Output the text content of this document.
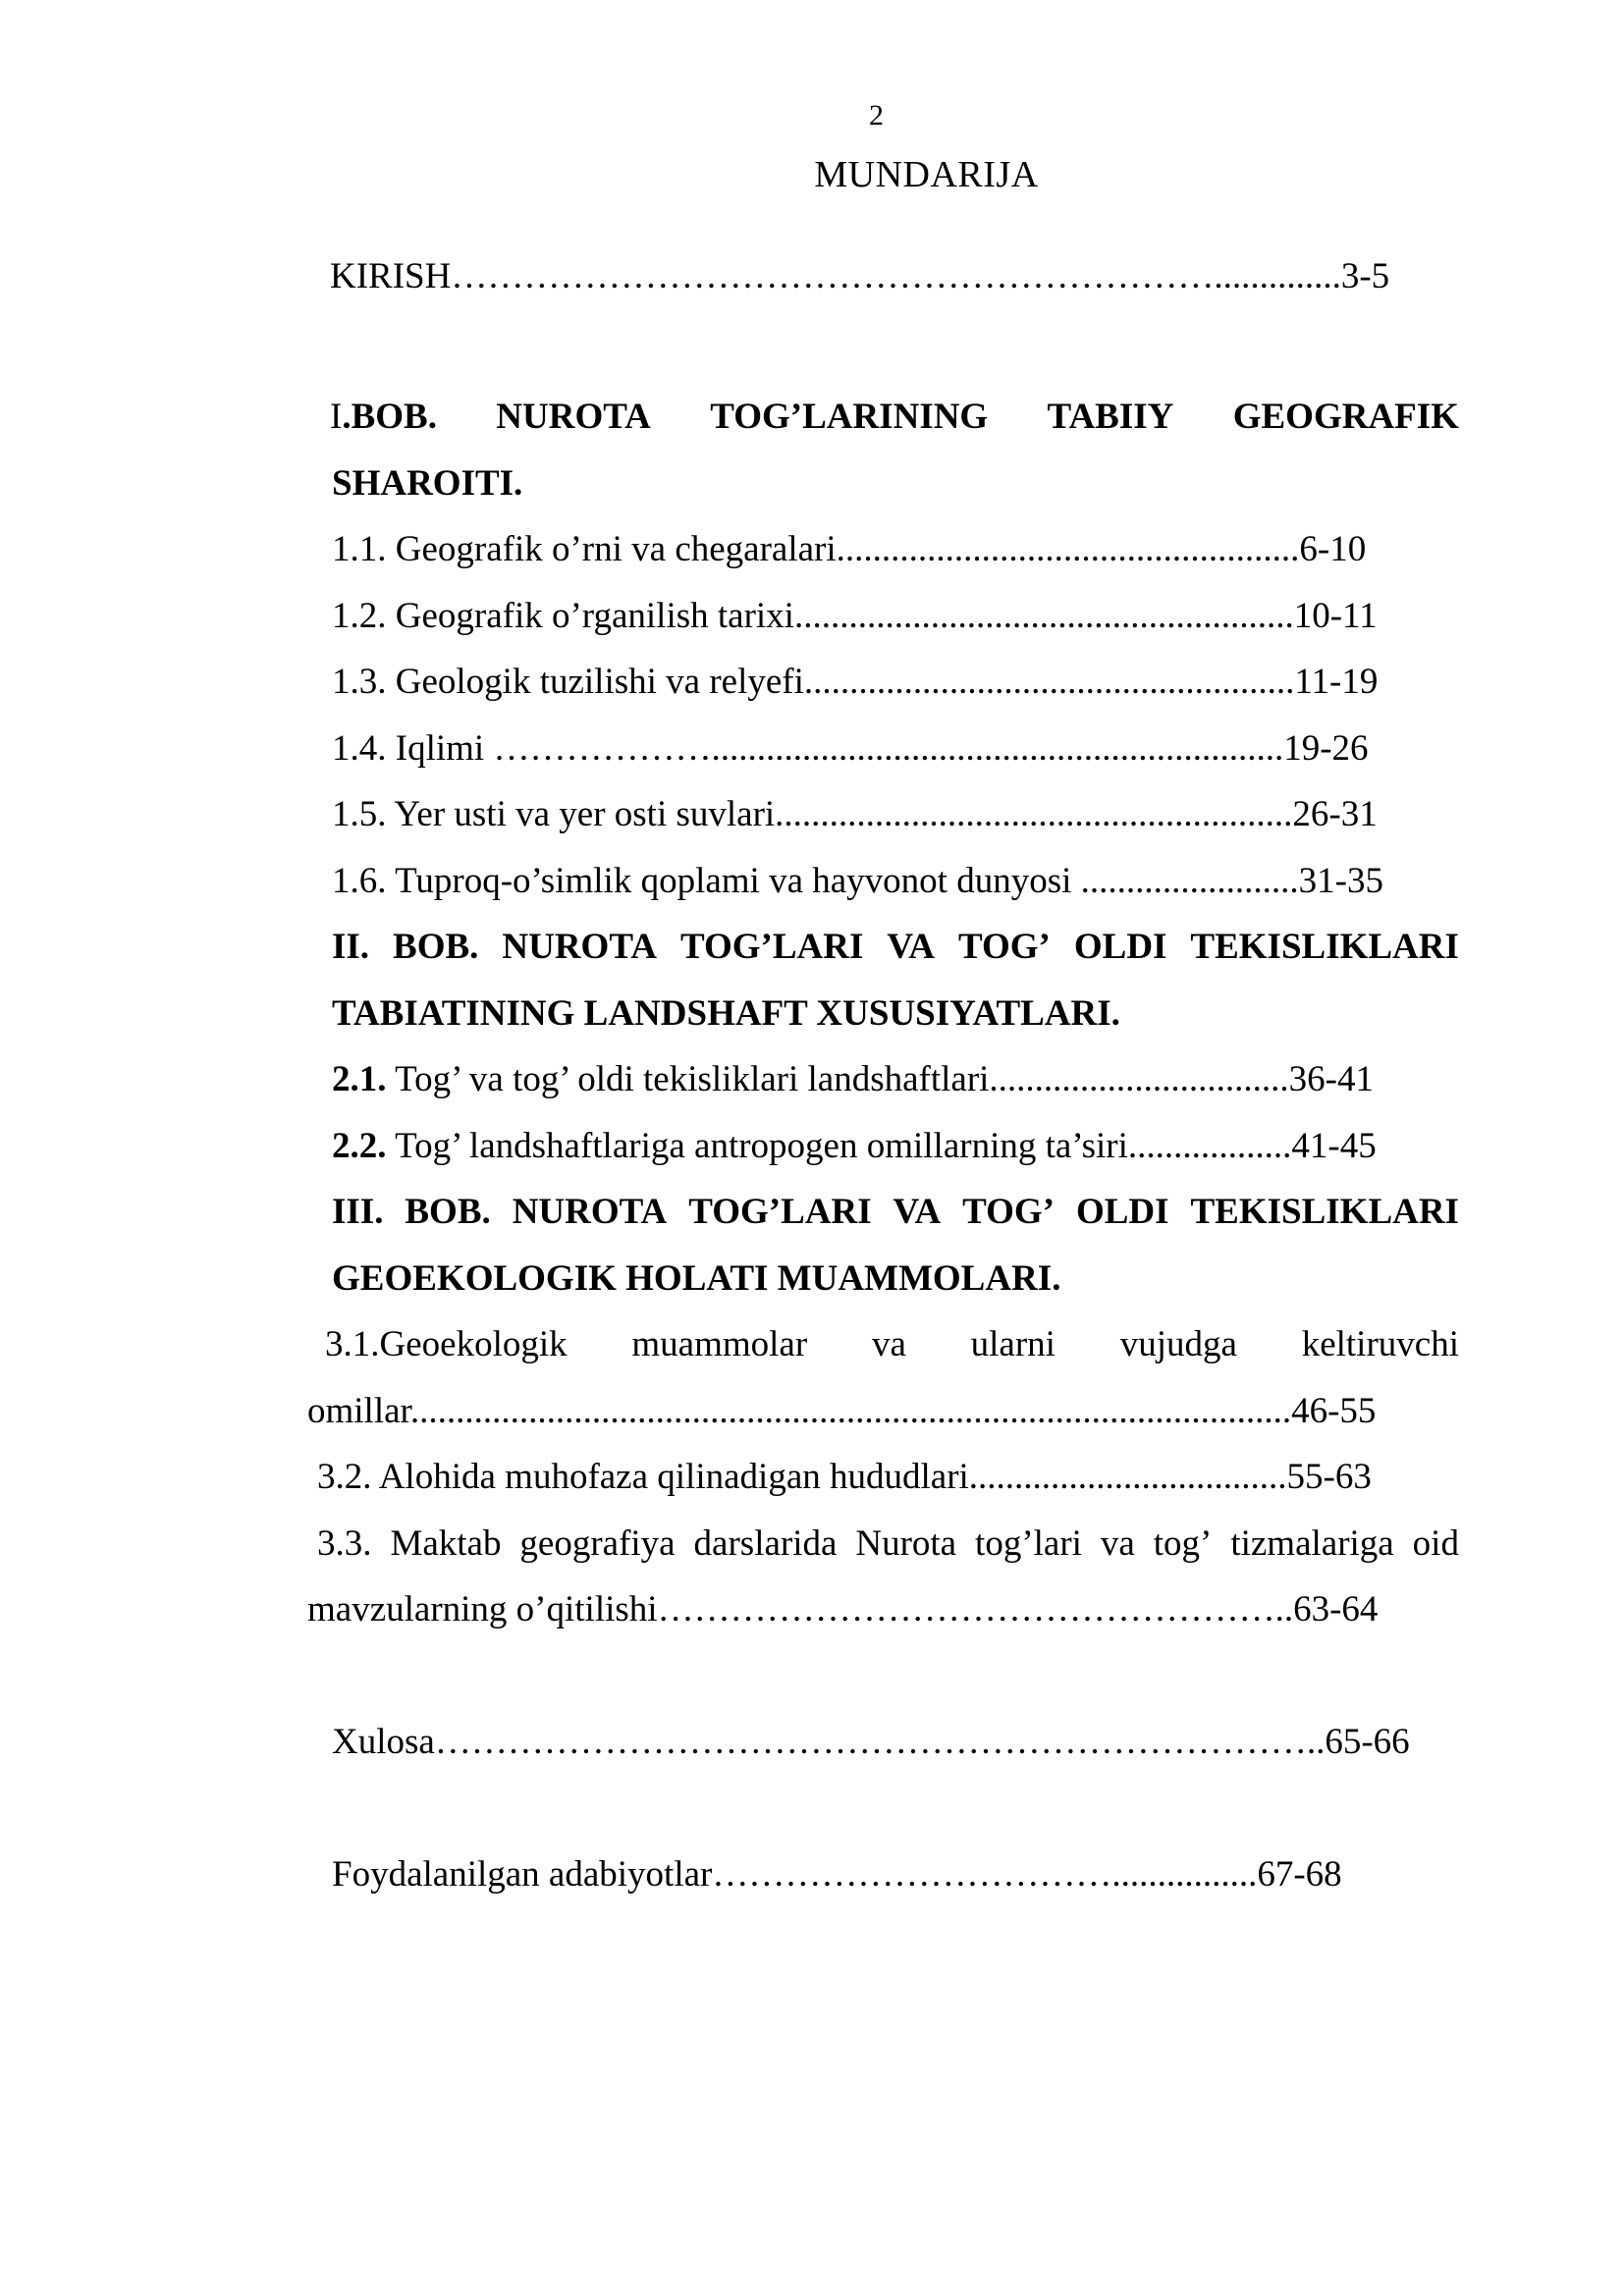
2
MUNDARIJA
KIRISH………………………………………………………..............3-5
I.BOB. NUROTA TOG’LARINING TABIIY GEOGRAFIK
SHAROITI.
1.1. Geografik o’rni va chegaralari...................................................6-10
1.2. Geografik o’rganilish tarixi.......................................................10-11
1.3. Geologik tuzilishi va relyefi......................................................11-19
1.4. Iqlimi ………………...............................................................19-26
1.5. Yer usti va yer osti suvlari.........................................................26-31
1.6. Tuproq-o’simlik qoplami va hayvonot dunyosi ........................31-35
II. BOB. NUROTA TOG’LARI VA TOG’ OLDI TEKISLIKLARI
TABIATINING LANDSHAFT XUSUSIYATLARI.
2.1. Tog’ va tog’ oldi tekisliklari landshaftlari.................................36-41
2.2. Tog’ landshaftlariga antropogen omillarning ta’siri..................41-45
III. BOB. NUROTA TOG’LARI VA TOG’ OLDI TEKISLIKLARI
GEOEKOLOGIK HOLATI MUAMMOLARI.
3.1.Geoekologik muammolar va ularni vujudga keltiruvchi
omillar.................................................................................................46-55
3.2. Alohida muhofaza qilinadigan hududlari...................................55-63
3.3. Maktab geografiya darslarida Nurota tog’lari va tog’ tizmalariga oid
mavzularning o’qitilishi……………………………………………..63-64
Xulosa………………………………………………………………..65-66
Foydalanilgan adabiyotlar……………………………................67-68
